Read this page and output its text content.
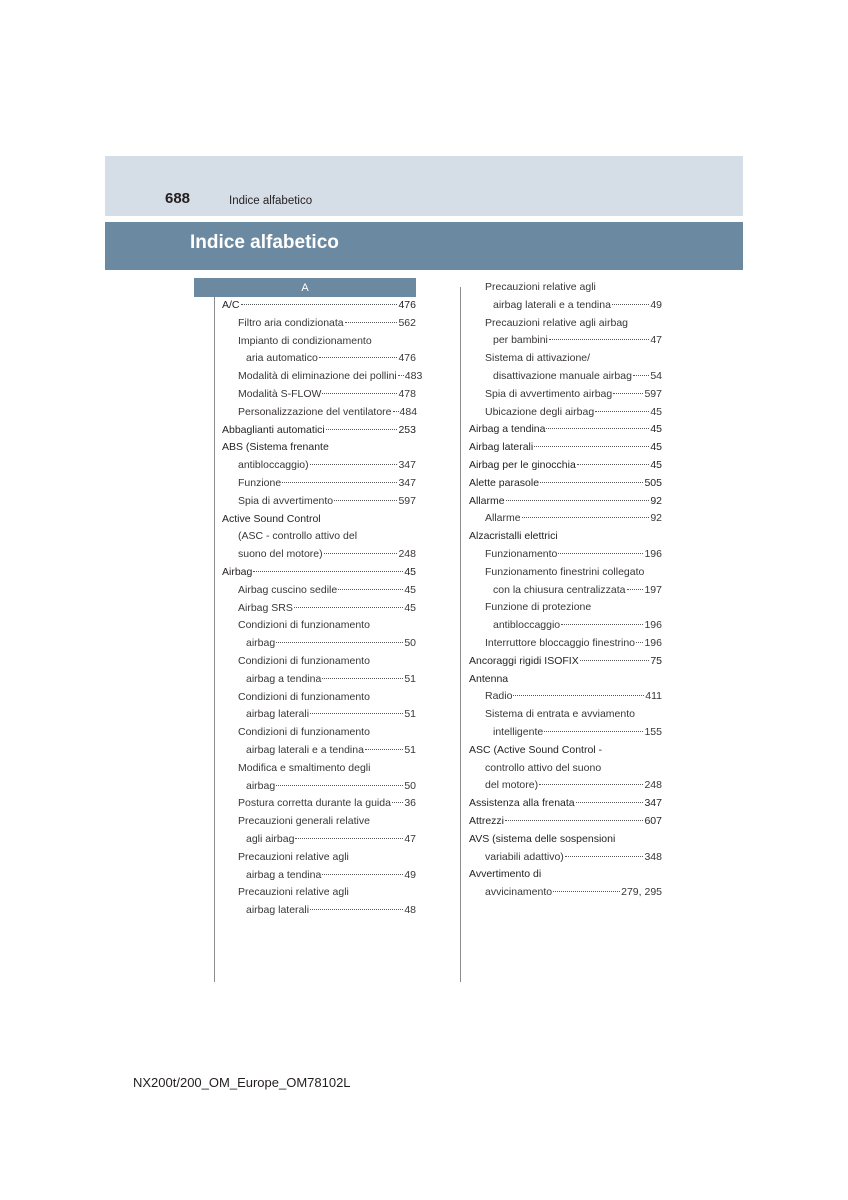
688	Indice alfabetico
Indice alfabetico
A
A/C	476
Filtro aria condizionata	562
Impianto di condizionamento
aria automatico	476
Modalità di eliminazione dei pollini 483
Modalità S-FLOW	478
Personalizzazione del ventilatore 484
Abbaglianti automatici	253
ABS (Sistema frenante
antibloccaggio)	347
Funzione	347
Spia di avvertimento	597
Active Sound Control
(ASC - controllo attivo del
suono del motore)	248
Airbag	45
Airbag cuscino sedile	45
Airbag SRS	45
Condizioni di funzionamento
airbag	50
Condizioni di funzionamento
airbag a tendina	51
Condizioni di funzionamento
airbag laterali	51
Condizioni di funzionamento
airbag laterali e a tendina	51
Modifica e smaltimento degli
airbag	50
Postura corretta durante la guida 36
Precauzioni generali relative
agli airbag	47
Precauzioni relative agli
airbag a tendina	49
Precauzioni relative agli
airbag laterali	48
Precauzioni relative agli
airbag laterali e a tendina	49
Precauzioni relative agli airbag
per bambini	47
Sistema di attivazione/
disattivazione manuale airbag 54
Spia di avvertimento airbag	597
Ubicazione degli airbag	45
Airbag a tendina	45
Airbag laterali	45
Airbag per le ginocchia	45
Alette parasole	505
Allarme	92
Allarme	92
Alzacristalli elettrici
Funzionamento	196
Funzionamento finestrini collegato
con la chiusura centralizzata 197
Funzione di protezione
antibloccaggio	196
Interruttore bloccaggio finestrino 196
Ancoraggi rigidi ISOFIX	75
Antenna
Radio	411
Sistema di entrata e avviamento
intelligente	155
ASC (Active Sound Control -
controllo attivo del suono
del motore)	248
Assistenza alla frenata	347
Attrezzi	607
AVS (sistema delle sospensioni
variabili adattivo)	348
Avvertimento di
avvicinamento	279, 295
NX200t/200_OM_Europe_OM78102L
